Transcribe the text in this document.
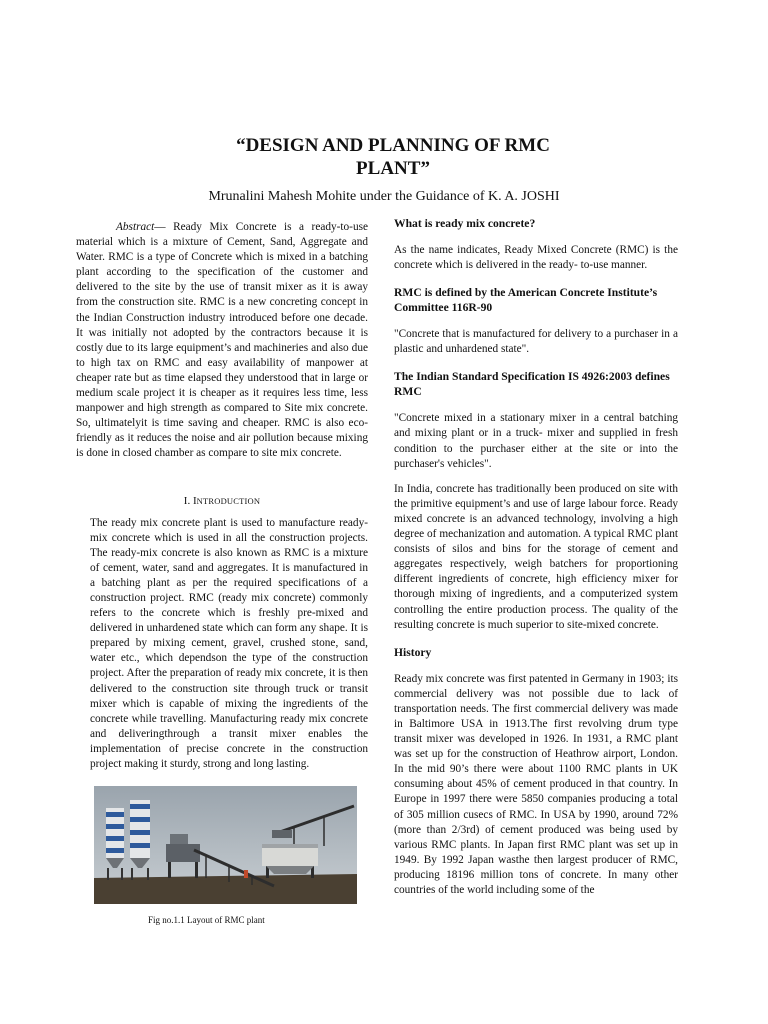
“DESIGN AND PLANNING OF RMC
PLANT”
Mrunalini Mahesh Mohite under the Guidance of K. A. JOSHI

Abstract— Ready Mix Concrete is a ready-to-use material which is a mixture of Cement, Sand, Aggregate and Water. RMC is a type of Concrete which is mixed in a batching plant according to the specification of the customer and delivered to the site by the use of transit mixer as it is away from the construction site. RMC is a new concreting concept in the Indian Construction industry introduced before one decade. It was initially not adopted by the contractors because it is costly due to its large equipment’s and machineries and also due to high tax on RMC and easy availability of manpower at cheaper rate but as time elapsed they understood that in large or medium scale project it is cheaper as it requires less time, less manpower and high strength as compared to Site mix concrete. So, ultimatelyit is time saving and cheaper. RMC is also eco-friendly as it reduces the noise and air pollution because mixing is done in closed chamber as compare to site mix concrete.

I. INTRODUCTION

The ready mix concrete plant is used to manufacture ready-mix concrete which is used in all the construction projects. The ready-mix concrete is also known as RMC is a mixture of cement, water, sand and aggregates. It is manufactured in a batching plant as per the required specifications of a construction project. RMC (ready mix concrete) commonly refers to the concrete which is freshly pre-mixed and delivered in unhardened state which can form any shape. It is prepared by mixing cement, gravel, crushed stone, sand, water etc., which dependson the type of the construction project. After the preparation of ready mix concrete, it is then delivered to the construction site through truck or transit mixer which is capable of mixing the ingredients of the concrete while travelling. Manufacturing ready mix concrete and deliveringthrough a transit mixer enables the implementation of precise concrete in the construction project making it sturdy, strong and long lasting.

Fig no.1.1 Layout of RMC plant
What is ready mix concrete?

As the name indicates, Ready Mixed Concrete (RMC) is the concrete which is delivered in the ready- to-use manner.

RMC is defined by the American Concrete Institute’s Committee 116R-90

"Concrete that is manufactured for delivery to a purchaser in a plastic and unhardened state".

The Indian Standard Specification IS 4926:2003 defines RMC

"Concrete mixed in a stationary mixer in a central batching and mixing plant or in a truck- mixer and supplied in fresh condition to the purchaser either at the site or into the purchaser's vehicles".

In India, concrete has traditionally been produced on site with the primitive equipment’s and use of large labour force. Ready mixed concrete is an advanced technology, involving a high degree of mechanization and automation. A typical RMC plant consists of silos and bins for the storage of cement and aggregates respectively, weigh batchers for proportioning different ingredients of concrete, high efficiency mixer for thorough mixing of ingredients, and a computerized system controlling the entire production process. The quality of the resulting concrete is much superior to site-mixed concrete.

History

Ready mix concrete was first patented in Germany in 1903; its commercial delivery was not possible due to lack of transportation needs. The first commercial delivery was made in Baltimore USA in 1913.The first revolving drum type transit mixer was developed in 1926. In 1931, a RMC plant was set up for the construction of Heathrow airport, London. In the mid 90’s there were about 1100 RMC plants in UK consuming about 45% of cement produced in that country. In Europe in 1997 there were 5850 companies producing a total of 305 million cusecs of RMC. In USA by 1990, around 72% (more than 2/3rd) of cement produced was being used by various RMC plants. In Japan first RMC plant was set up in 1949. By 1992 Japan wasthe then largest producer of RMC, producing 18196 million tons of concrete. In many other countries of the world including some of the
